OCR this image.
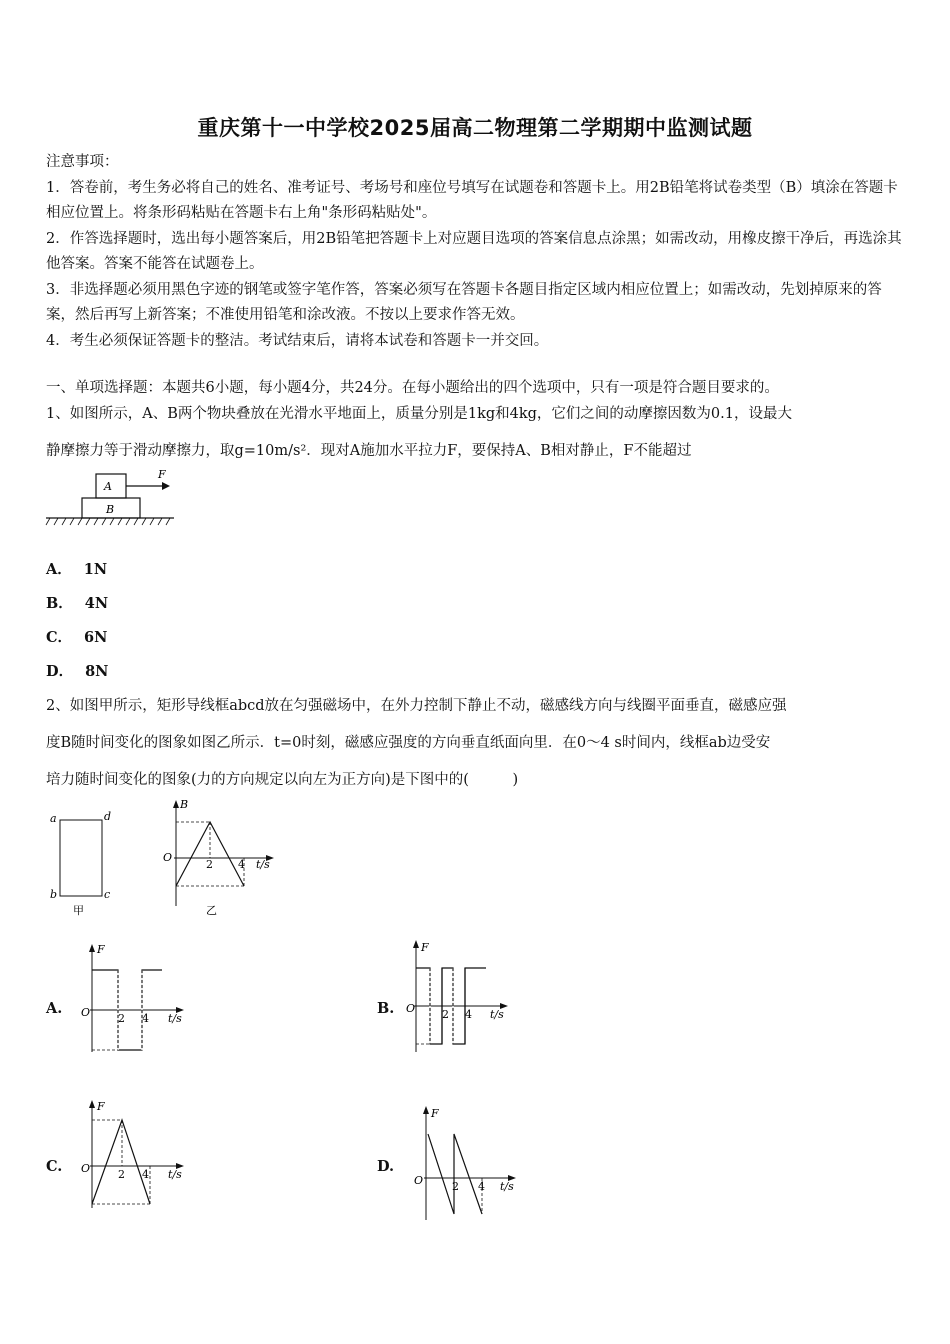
重庆第十一中学校2025届高二物理第二学期期中监测试题

注意事项：

1．答卷前，考生务必将自己的姓名、准考证号、考场号和座位号填写在试题卷和答题卡上。用2B铅笔将试卷类型（B）填涂在答题卡相应位置上。将条形码粘贴在答题卡右上角"条形码粘贴处"。

2．作答选择题时，选出每小题答案后，用2B铅笔把答题卡上对应题目选项的答案信息点涂黑；如需改动，用橡皮擦干净后，再选涂其他答案。答案不能答在试题卷上。

3．非选择题必须用黑色字迹的钢笔或签字笔作答，答案必须写在答题卡各题目指定区域内相应位置上；如需改动，先划掉原来的答案，然后再写上新答案；不准使用铅笔和涂改液。不按以上要求作答无效。

4．考生必须保证答题卡的整洁。考试结束后，请将本试卷和答题卡一并交回。

一、单项选择题：本题共6小题，每小题4分，共24分。在每小题给出的四个选项中，只有一项是符合题目要求的。
1、如图所示，A、B两个物块叠放在光滑水平地面上，质量分别是1kg和4kg，它们之间的动摩擦因数为0.1，设最大
静摩擦力等于滑动摩擦力，取g=10m/s²．现对A施加水平拉力F，要保持A、B相对静止，F不能超过
A
B
F
A． 1N
B． 4N
C． 6N
D． 8N
2、如图甲所示，矩形导线框abcd放在匀强磁场中，在外力控制下静止不动，磁感线方向与线圈平面垂直，磁感应强
度B随时间变化的图象如图乙所示．t=0时刻，磁感应强度的方向垂直纸面向里．在0～4 s时间内，线框ab边受安
培力随时间变化的图象(力的方向规定以向左为正方向)是下图中的(　　　)
a	d
b	c
甲
B
O
2 4 t/s
乙
A.
F
O	2 4 t/s
B.
F
O 2 4 t/s
C.
F
O	2 4 t/s	D.
F
O	2 4 t/s
